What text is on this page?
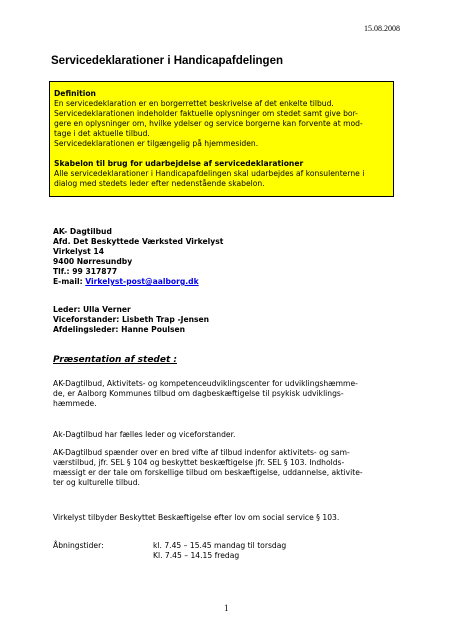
15.08.2008
Servicedeklarationer i Handicapafdelingen

Definition

En servicedeklaration er en borgerrettet beskrivelse af det enkelte tilbud.

Servicedeklarationen indeholder faktuelle oplysninger om stedet samt give bor-

gere en oplysninger om, hvilke ydelser og service borgerne kan forvente at mod-

tage i det aktuelle tilbud.

Servicedeklarationen er tilgængelig på hjemmesiden.

Skabelon til brug for udarbejdelse af servicedeklarationer

Alle servicedeklarationer i Handicapafdelingen skal udarbejdes af konsulenterne i

dialog med stedets leder efter nedenstående skabelon.

AK- Dagtilbud
Afd. Det Beskyttede Værksted Virkelyst
Virkelyst 14
9400 Nørresundby
Tlf.: 99 317877
E-mail: Virkelyst-post@aalborg.dk
Leder: Ulla Verner
Viceforstander: Lisbeth Trap -Jensen
Afdelingsleder: Hanne Poulsen
Præsentation af stedet :
AK-Dagtilbud, Aktivitets- og kompetenceudviklingscenter for udviklingshæmme-
de, er Aalborg Kommunes tilbud om dagbeskæftigelse til psykisk udviklings-
hæmmede.
Ak-Dagtilbud har fælles leder og viceforstander.
AK-Dagtilbud spænder over en bred vifte af tilbud indenfor aktivitets- og sam-
værstilbud, jfr. SEL § 104 og beskyttet beskæftigelse jfr. SEL § 103. Indholds-
mæssigt er der tale om forskellige tilbud om beskæftigelse, uddannelse, aktivite-
ter og kulturelle tilbud.
Virkelyst tilbyder Beskyttet Beskæftigelse efter lov om social service § 103.
Åbningstider:	kl. 7.45 – 15.45 mandag til torsdag
Kl. 7.45 – 14.15 fredag
1
